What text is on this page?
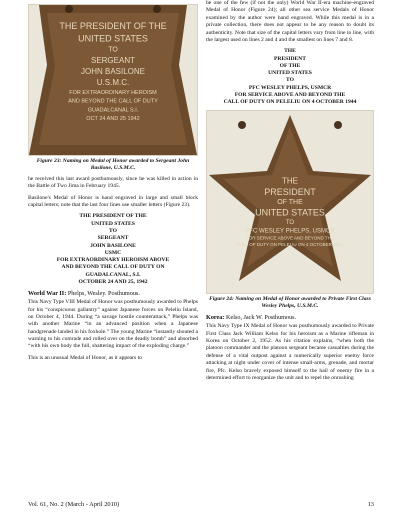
THE PRESIDENT OF THE
UNITED STATES
TO
SERGEANT
JOHN BASILONE
U.S.M.C.
FOR EXTRAORDINARY HEROISM
AND BEYOND THE CALL OF DUTY
GUADALCANAL S.I.
OCT 24 AND 25 1942
Figure 23: Naming on Medal of Honor awarded to Sergeant John Basilone, U.S.M.C.

he received this last award posthumously, since he was killed in action in the Battle of Two Jima in February 1945.

Basilone's Medal of Honor is hand engraved in large and small block capital letters; note that the last four lines use smaller letters (Figure 23).

THE PRESIDENT OF THE
UNITED STATES
TO
SERGEANT
JOHN BASILONE
USMC
FOR EXTRAORDINARY HEROISM ABOVE
AND BEYOND THE CALL OF DUTY ON
GUADALCANAL, S.I.
OCTOBER 24 AND 25, 1942
World War II: Phelps, Wesley. Posthumous.

This Navy Type VIII Medal of Honor was posthumously awarded to Phelps for his “conspicuous gallantry” against Japanese forces on Peleliu Island, on October 4, 1944. During “a savage hostile counterattack,” Phelps was with another Marine “in an advanced position when a Japanese handgrenade landed in his foxhole.” The young Marine “instantly shouted a warning to his comrade and rolled over on the deadly bomb” and absorbed “with his own body the full, shattering impact of the exploding charge.”

This is an unusual Medal of Honor, as it appears to

be one of the few (if not the only) World War II-era machine-engraved Medal of Honor (Figure 24); all other sea service Medals of Honor examined by the author were hand engraved. While this medal is in a private collection, there does not appear to be any reason to doubt its authenticity. Note that size of the capital letters vary from line to line, with the largest used on lines 2 and 4 and the smallest on lines 7 and 8.

THE
PRESIDENT
OF THE
UNITED STATES
TO
PFC WESLEY PHELPS, USMCR
FOR SERVICE ABOVE AND BEYOND THE
CALL OF DUTY ON PELELIU ON 4 OCTOBER 1944
THE
PRESIDENT
OF THE
UNITED STATES
TO
PFC WESLEY PHELPS, USMCR
FOR SERVICE ABOVE AND BEYOND THE
CALL OF DUTY ON PELELIU ON 4 OCTOBER 1944
Figure 24: Naming on Medal of Honor awarded to Private First Class Wesley Phelps, U.S.M.C.
Korea: Kelso, Jack W. Posthumous.

This Navy Type IX Medal of Honor was posthumously awarded to Private First Class Jack William Kelso for his heroism as a Marine rifleman in Korea on October 2, 1952. As his citation explains, “when both the platoon commander and the platoon sergeant became casualties during the defense of a vital outpost against a numerically superior enemy force attacking at night under cover of intense small-arms, grenade, and mortar fire, Pfc. Kelso bravely exposed himself to the hail of enemy fire in a determined effort to reorganize the unit and to repel the onrushing

Vol. 61, No. 2 (March - April 2010)	13
